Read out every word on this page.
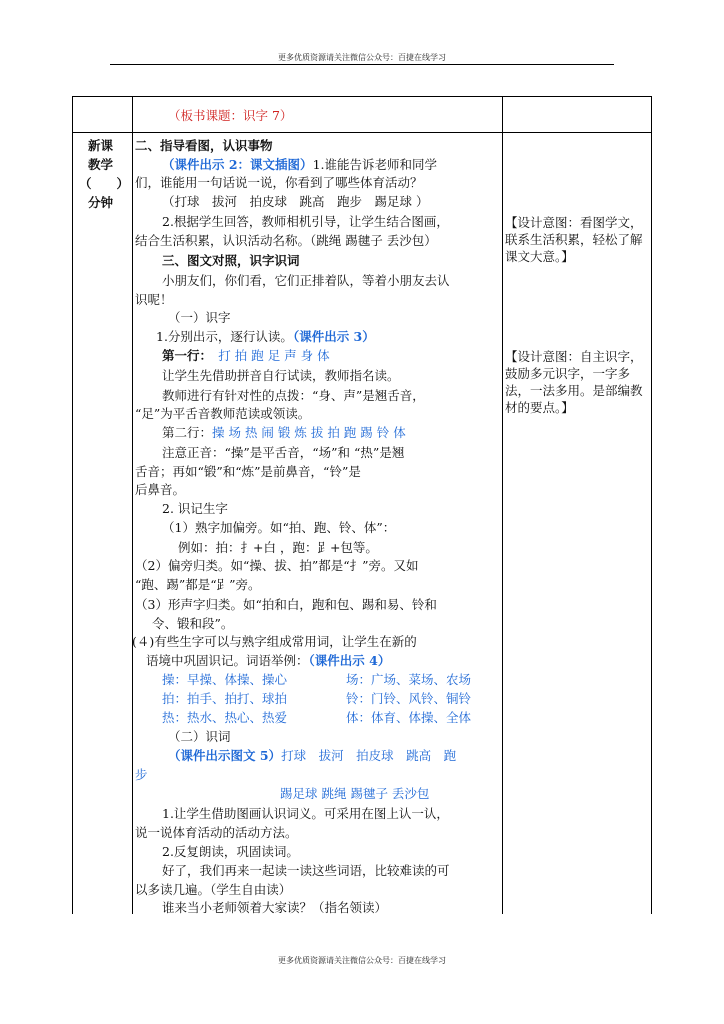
更多优质资源请关注微信公众号：百捷在线学习
（板书课题：识字 7）
新课
教学
（　　）
分钟
二、指导看图，认识事物
（课件出示 2：课文插图）1.谁能告诉老师和同学
们，谁能用一句话说一说，你看到了哪些体育活动？
（打球　拔河　拍皮球　跳高　跑步　踢足球 ）
2.根据学生回答，教师相机引导，让学生结合图画，
结合生活积累，认识活动名称。（跳绳 踢毽子 丢沙包）
三、图文对照，识字识词
小朋友们，你们看，它们正排着队，等着小朋友去认
识呢！
（一）识字
1.分别出示，逐行认读。（课件出示 3）
第一行：　 打 拍 跑 足 声 身 体
让学生先借助拼音自行试读，教师指名读。
教师进行有针对性的点拨：“身、声”是翘舌音，
“足”为平舌音教师范读或领读。
第二行：操 场 热 闹 锻 炼 拔 拍 跑 踢 铃 体
注意正音：“操”是平舌音，“场”和 “热”是翘
舌音；再如“锻”和“炼”是前鼻音，“铃”是
后鼻音。
2. 识记生字
（1）熟字加偏旁。如“拍、跑、铃、体”：
例如：拍：扌+白 ，跑：𧾷+包等。
（2）偏旁归类。如“操、拔、拍”都是“扌”旁。又如
“跑、踢”都是“𧾷”旁。
（3）形声字归类。如“拍和白，跑和包、踢和易、铃和
令、锻和段”。
(４)有些生字可以与熟字组成常用词，让学生在新的
语境中巩固识记。词语举例：（课件出示 4）
操：早操、体操、操心	场：广场、菜场、农场
拍：拍手、拍打、球拍	铃：门铃、风铃、铜铃
热：热水、热心、热爱	体：体育、体操、全体
（二）识词
（课件出示图文 5）打球　拔河　拍皮球　跳高　跑
步
踢足球 跳绳 踢毽子 丢沙包
1.让学生借助图画认识词义。可采用在图上认一认，
说一说体育活动的活动方法。
2.反复朗读，巩固读词。
好了，我们再来一起读一读这些词语，比较难读的可
以多读几遍。（学生自由读）
谁来当小老师领着大家读？（指名领读）
【设计意图：看图学文，联系生活积累，轻松了解课文大意。】
【设计意图：自主识字，鼓励多元识字，一字多法，一法多用。是部编教材的要点。】
更多优质资源请关注微信公众号：百捷在线学习
